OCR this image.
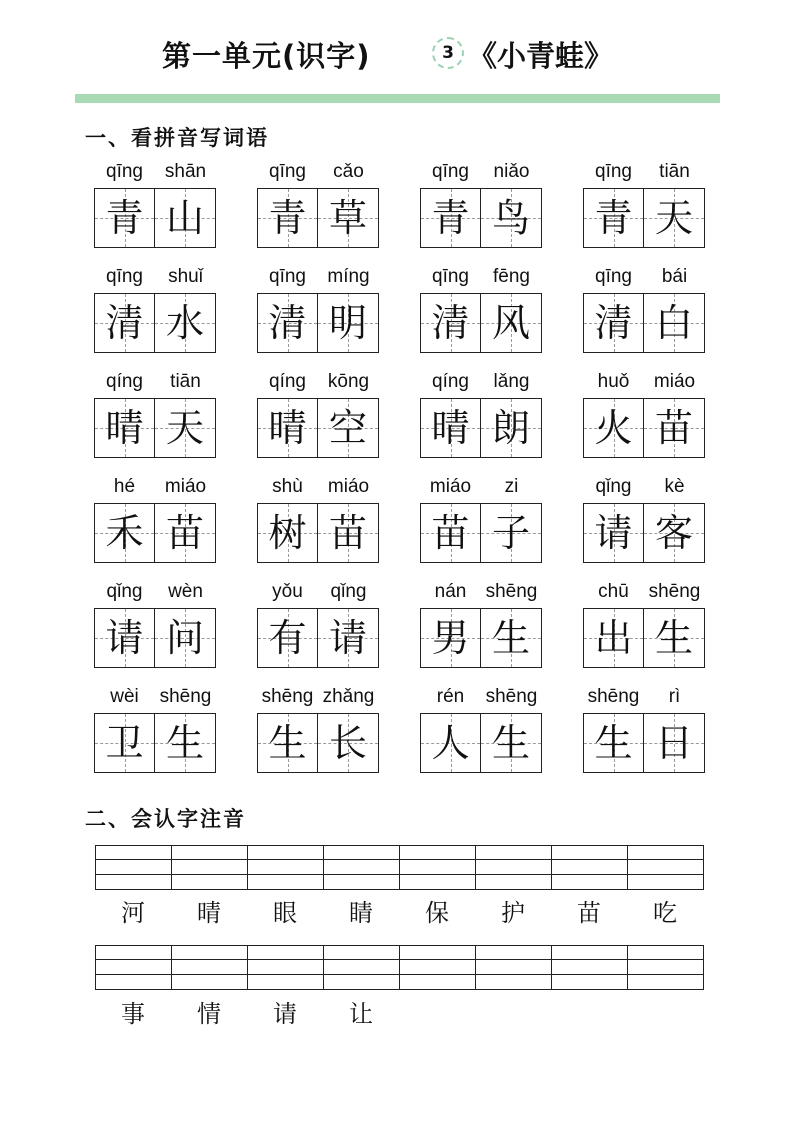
第一单元(识字)	3 《小青蛙》
一、看拼音写词语
qīng	shān
青 山
qīng	cǎo
青 草
qīng	niǎo
青 鸟
qīng	tiān
青 天
qīng	shuǐ
清 水
qīng	míng
清 明
qīng	fēng
清 风
qīng	bái
清 白
qíng	tiān
晴 天
qíng	kōng
晴 空
qíng	lǎng
晴 朗
huǒ	miáo
火 苗
hé	miáo
禾 苗
shù	miáo
树 苗
miáo	zi
苗 子
qǐng	kè
请 客
qǐng	wèn
请 问
yǒu	qǐng
有 请
nán	shēng
男 生
chū	shēng
出 生
wèi	shēng
卫 生
shēng zhǎng
生 长
rén	shēng
人 生
shēng	rì
生 日
二、会认字注音
河	晴	眼	睛	保	护	苗	吃
事	情	请	让
